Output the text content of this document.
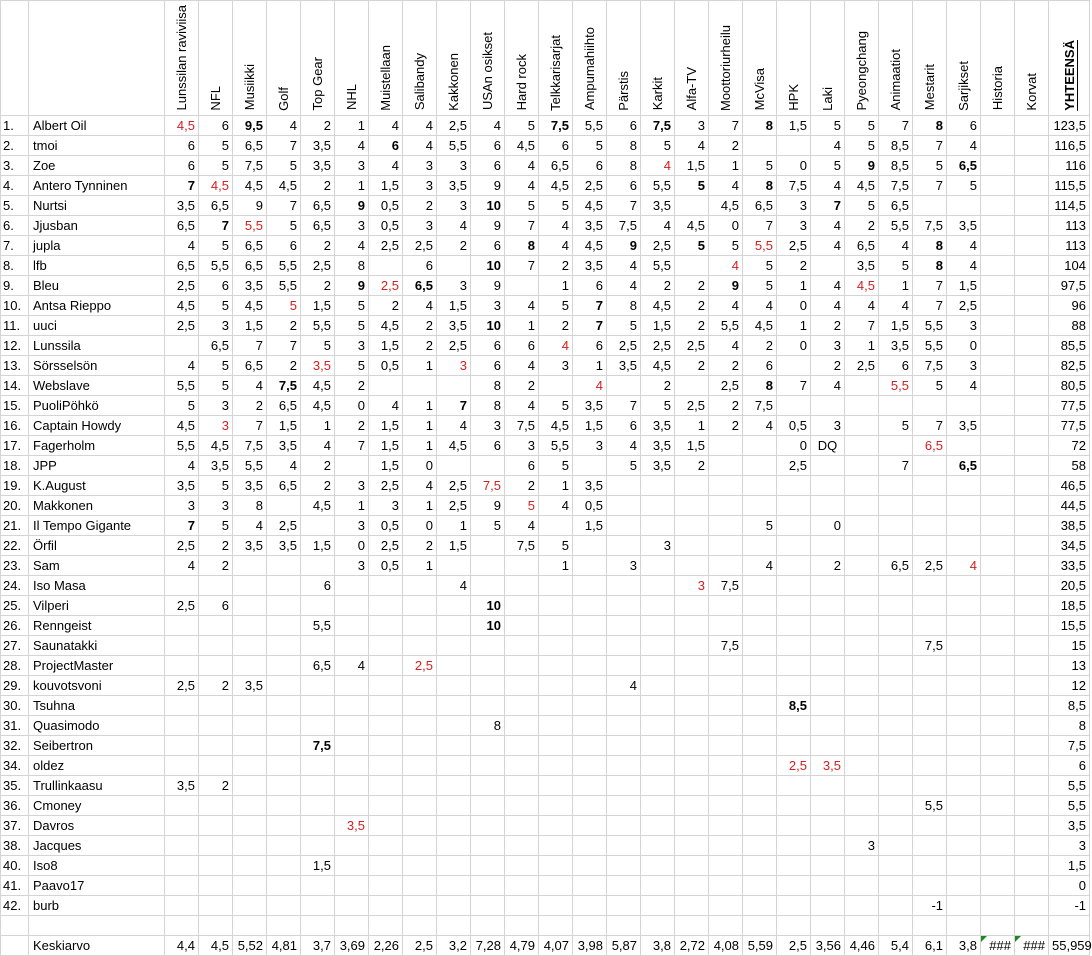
		Lunssilan raviviisa	NFL	Musiikki	Golf	Top Gear	NHL	Muistellaan	Salibandy	Kakkonen	USAn osikset	Hard rock	Telkkarisarjat	Ampumahiihto	Pärstis	Karkit	Alfa-TV	Moottoriurheilu	McVisa	HPK	Laki	Pyeongchang	Animaatiot	Mestarit	Sarjikset	Historia	Korvat	YHTEENSÄ

1.	Albert Oil	4,5	6	9,5	4	2	1	4	4	2,5	4	5	7,5	5,5	6	7,5	3	7	8	1,5	5	5	7	8	6			123,5
2.	tmoi	6	5	6,5	7	3,5	4	6	4	5,5	6	4,5	6	5	8	5	4	2			4	5	8,5	7	4			116,5
3.	Zoe	6	5	7,5	5	3,5	3	4	3	3	6	4	6,5	6	8	4	1,5	1	5	0	5	9	8,5	5	6,5			116
4.	Antero Tynninen	7	4,5	4,5	4,5	2	1	1,5	3	3,5	9	4	4,5	2,5	6	5,5	5	4	8	7,5	4	4,5	7,5	7	5			115,5
5.	Nurtsi	3,5	6,5	9	7	6,5	9	0,5	2	3	10	5	5	4,5	7	3,5		4,5	6,5	3	7	5	6,5					114,5
6.	Jjusban	6,5	7	5,5	5	6,5	3	0,5	3	4	9	7	4	3,5	7,5	4	4,5	0	7	3	4	2	5,5	7,5	3,5			113
7.	jupla	4	5	6,5	6	2	4	2,5	2,5	2	6	8	4	4,5	9	2,5	5	5	5,5	2,5	4	6,5	4	8	4			113
8.	lfb	6,5	5,5	6,5	5,5	2,5	8		6		10	7	2	3,5	4	5,5		4	5	2		3,5	5	8	4			104
9.	Bleu	2,5	6	3,5	5,5	2	9	2,5	6,5	3	9		1	6	4	2	2	9	5	1	4	4,5	1	7	1,5			97,5
10.	Antsa Rieppo	4,5	5	4,5	5	1,5	5	2	4	1,5	3	4	5	7	8	4,5	2	4	4	0	4	4	4	7	2,5			96
11.	uuci	2,5	3	1,5	2	5,5	5	4,5	2	3,5	10	1	2	7	5	1,5	2	5,5	4,5	1	2	7	1,5	5,5	3			88
12.	Lunssila		6,5	7	7	5	3	1,5	2	2,5	6	6	4	6	2,5	2,5	2,5	4	2	0	3	1	3,5	5,5	0			85,5
13.	Sörsselsön	4	5	6,5	2	3,5	5	0,5	1	3	6	4	3	1	3,5	4,5	2	2	6		2	2,5	6	7,5	3			82,5
14.	Webslave	5,5	5	4	7,5	4,5	2				8	2		4		2		2,5	8	7	4		5,5	5	4			80,5
15.	PuoliPöhkö	5	3	2	6,5	4,5	0	4	1	7	8	4	5	3,5	7	5	2,5	2	7,5									77,5
16.	Captain Howdy	4,5	3	7	1,5	1	2	1,5	1	4	3	7,5	4,5	1,5	6	3,5	1	2	4	0,5	3		5	7	3,5			77,5
17.	Fagerholm	5,5	4,5	7,5	3,5	4	7	1,5	1	4,5	6	3	5,5	3	4	3,5	1,5			0	DQ			6,5				72
18.	JPP	4	3,5	5,5	4	2		1,5	0			6	5		5	3,5	2			2,5			7		6,5			58
19.	K.August	3,5	5	3,5	6,5	2	3	2,5	4	2,5	7,5	2	1	3,5														46,5
20.	Makkonen	3	3	8		4,5	1	3	1	2,5	9	5	4	0,5														44,5
21.	Il Tempo Gigante	7	5	4	2,5		3	0,5	0	1	5	4		1,5					5		0							38,5
22.	Örfil	2,5	2	3,5	3,5	1,5	0	2,5	2	1,5		7,5	5			3												34,5
23.	Sam	4	2				3	0,5	1				1		3				4		2		6,5	2,5	4			33,5
24.	Iso Masa					6				4							3	7,5										20,5
25.	Vilperi	2,5	6								10																	18,5
26.	Renngeist					5,5					10																	15,5
27.	Saunatakki																	7,5						7,5				15
28.	ProjectMaster					6,5	4		2,5																			13
29.	kouvotsvoni	2,5	2	3,5											4													12
30.	Tsuhna																			8,5								8,5
31.	Quasimodo										8																	8
32.	Seibertron					7,5																						7,5
34.	oldez																			2,5	3,5							6
35.	Trullinkaasu	3,5	2																									5,5
36.	Cmoney																							5,5				5,5
37.	Davros						3,5																					3,5
38.	Jacques																					3						3
40.	Iso8					1,5																						1,5
41.	Paavo17																											0
42.	burb																							-1				-1

	Keskiarvo	4,4	4,5	5,52	4,81	3,7	3,69	2,26	2,5	3,2	7,28	4,79	4,07	3,98	5,87	3,8	2,72	4,08	5,59	2,5	3,56	4,46	5,4	6,1	3,8	###	###	55,959
